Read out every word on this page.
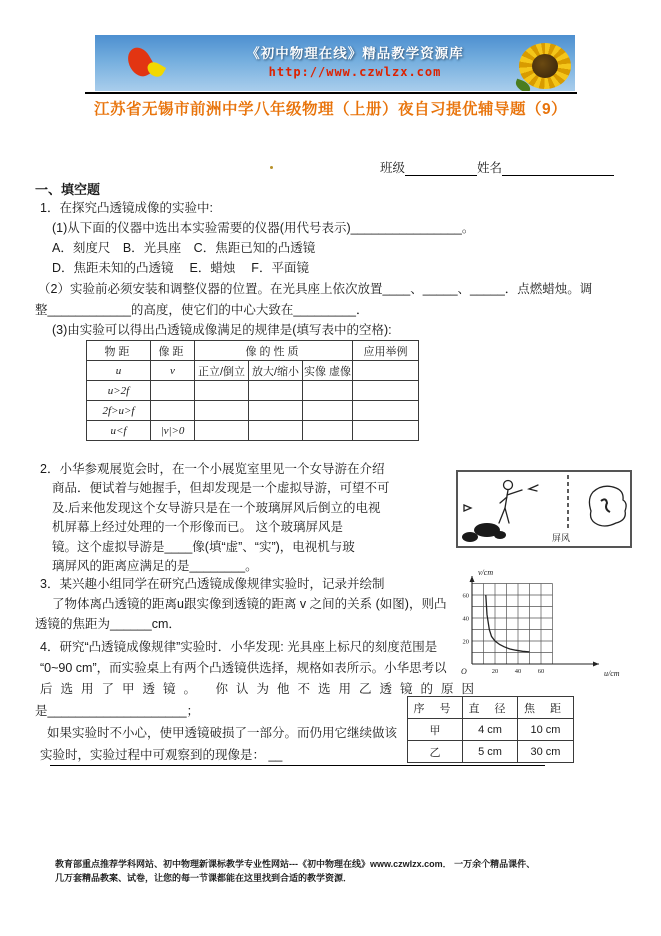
《初中物理在线》精品教学资源库
http://www.czwlzx.com
江苏省无锡市前洲中学八年级物理（上册）夜自习提优辅导题（9）
班级	姓名
一、填空题
1．在探究凸透镜成像的实验中:
(1)从下面的仪器中选出本实验需要的仪器(用代号表示)________________。
A．刻度尺　B．光具座　C．焦距已知的凸透镜
D．焦距未知的凸透镜　 E．蜡烛　 F．平面镜
（2）实验前必须安装和调整仪器的位置。在光具座上依次放置____、_____、_____．点燃蜡烛。调
整____________的高度，使它们的中心大致在_________．
(3)由实验可以得出凸透镜成像满足的规律是(填写表中的空格):
物距	像距	像的性质			应用举例
u	v	正立/倒立	放大/缩小	实像 虚像	
u>2f					
2f>u>f					
u<f	|v|>0				
2．小华参观展览会时，在一个小展览室里见一个女导游在介绍
商品．便试着与她握手，但却发现是一个虚拟导游，可望不可
及.后来他发现这个女导游只是在一个玻璃屏风后倒立的电视
机屏幕上经过处理的一个形像而已。 这个玻璃屏风是
镜。这个虚拟导游是____像(填“虚”、“实”)，电视机与玻
璃屏风的距离应满足的是________。
屏风
3．某兴趣小组同学在研究凸透镜成像规律实验时，记录并绘制
了物体离凸透镜的距离u跟实像到透镜的距离 v 之间的关系 (如图)，则凸
透镜的焦距为______cm．
20	40	60
20
40
60
v/cm
u/cm
O
4．研究“凸透镜成像规律”实验时．小华发现: 光具座上标尺的刻度范围是
“0~90 cm”，而实验桌上有两个凸透镜供选择，规格如表所示。小华思考以
后选用了甲透镜。 你认为他不选用乙透镜的原因
是____________________；
如果实验时不小心，使甲透镜破损了一部分。而仍用它继续做该
实验时，实验过程中可观察到的现像是： __
序 号	直 径	焦 距
甲	4 cm	10 cm
乙	5 cm	30 cm
教育部重点推荐学科网站、初中物理新课标教学专业性网站---《初中物理在线》www.czwlzx.com． 一万余个精品课件、
几万套精品教案、试卷，让您的每一节课都能在这里找到合适的教学资源．
